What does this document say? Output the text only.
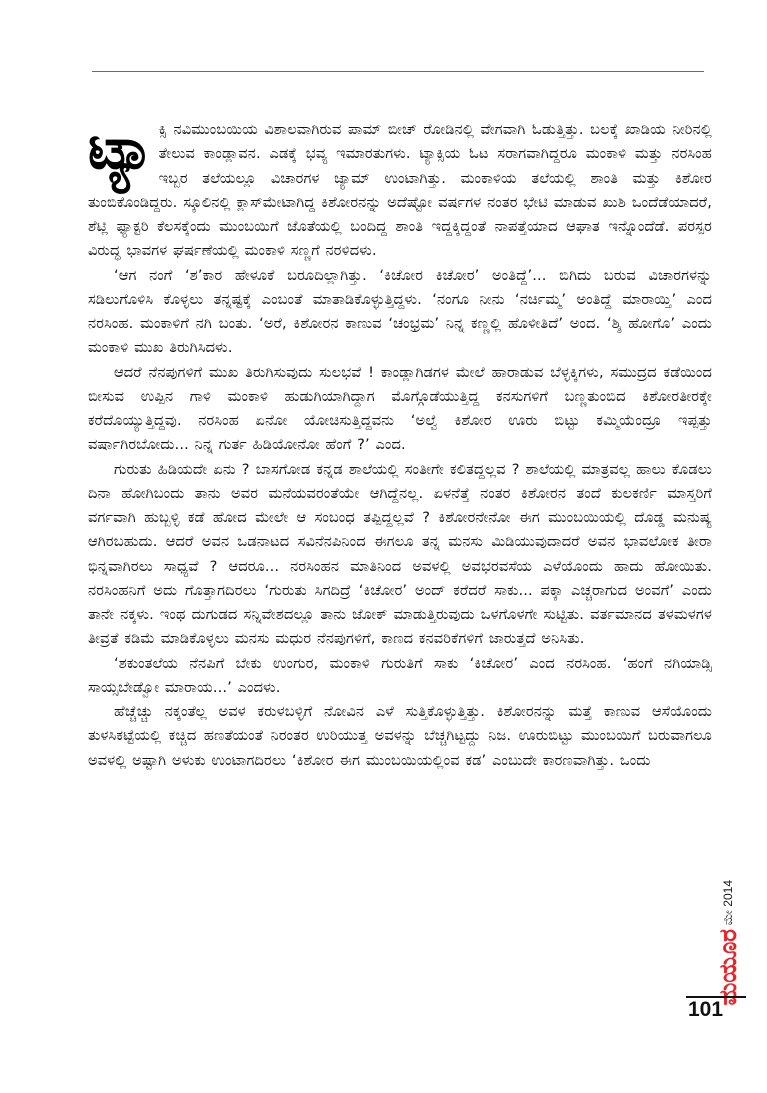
ಟ್ಯಾ ಕ್ಸಿ ನವಿಮುಂಬಯಿಯ ವಿಶಾಲವಾಗಿರುವ ಪಾಮ್ ಬೀಚ್ ರೋಡಿನಲ್ಲಿ ವೇಗವಾಗಿ ಓಡುತ್ತಿತ್ತು. ಬಲಕ್ಕೆ ಖಾಡಿಯ ನೀರಿನಲ್ಲಿ ತೇಲುವ ಕಾಂಡ್ಲಾವನ. ಎಡಕ್ಕೆ ಭವ್ಯ ಇಮಾರತುಗಳು. ಟ್ಯಾಕ್ಸಿಯ ಓಟ ಸರಾಗವಾಗಿದ್ದರೂ ಮಂಕಾಳಿ ಮತ್ತು ನರಸಿಂಹ ಇಬ್ಬರ ತಲೆಯಲ್ಲೂ ವಿಚಾರಗಳ ಜ್ಯಾಮ್ ಉಂಟಾಗಿತ್ತು. ಮಂಕಾಳಿಯ ತಲೆಯಲ್ಲಿ ಶಾಂತಿ ಮತ್ತು ಕಿಶೋರ ತುಂಬಿಕೊಂಡಿದ್ದರು. ಸ್ಕೂಲಿನಲ್ಲಿ ಕ್ಲಾಸ್‌ಮೇಟಾಗಿದ್ದ ಕಿಶೋರನನ್ನು ಅದೆಷ್ಟೋ ವರ್ಷಗಳ ನಂತರ ಭೇಟಿ ಮಾಡುವ ಖುಶಿ ಒಂದೆಡೆಯಾದರೆ, ಶೆಟ್ಲಿ ಫ್ಯಾಕ್ಟರಿ ಕೆಲಸಕ್ಕೆಂದು ಮುಂಬಯಿಗೆ ಜೊತೆಯಲ್ಲಿ ಬಂದಿದ್ದ ಶಾಂತಿ ಇದ್ದಕ್ಕಿದ್ದಂತೆ ನಾಪತ್ತೆಯಾದ ಆಘಾತ ಇನ್ನೊಂದೆಡೆ. ಪರಸ್ಪರ ವಿರುದ್ಧ ಭಾವಗಳ ಘರ್ಷಣೆಯಲ್ಲಿ ಮಂಕಾಳಿ ಸಣ್ಣಗೆ ನರಳಿದಳು.

‘ಆಗ ನಂಗೆ ‘ಶ’ಕಾರ ಹೇಳೂಕೆ ಬರೂದಿಲ್ಲಾಗಿತ್ತು. ‘ಕಿಚೋರ ಕಿಚೋರ’ ಅಂತಿದ್ದೆ’... ಬಿಗಿದು ಬರುವ ವಿಚಾರಗಳನ್ನು ಸಡಿಲುಗೊಳಿಸಿ ಕೊಳ್ಳಲು ತನ್ನಷ್ಟಕ್ಕೆ ಎಂಬಂತೆ ಮಾತಾಡಿಕೊಳ್ಳುತ್ತಿದ್ದಳು. ‘ನಂಗೂ ನೀನು ‘ನರ್ಚಿಮ್ಮ’ ಅಂತಿದ್ದೆ ಮಾರಾಯ್ತಿ’ ಎಂದ ನರಸಿಂಹ. ಮಂಕಾಳಿಗೆ ನಗಿ ಬಂತು. ‘ಅರೆ, ಕಿಶೋರನ ಕಾಣುವ ‘ಚಂಭ್ರಮ’ ನಿನ್ನ ಕಣ್ಣಲ್ಲಿ ಹೊಳೀತಿದೆ’ ಅಂದ. ‘ಶ್ಶಿ ಹೋಗೊ’ ಎಂದು ಮಂಕಾಳಿ ಮುಖ ತಿರುಗಿಸಿದಳು.

ಆದರೆ ನೆನಪುಗಳಿಗೆ ಮುಖ ತಿರುಗಿಸುವುದು ಸುಲಭವೆ ! ಕಾಂಡ್ಲಾಗಿಡಗಳ ಮೇಲೆ ಹಾರಾಡುವ ಬೆಳ್ಳಕ್ಕಿಗಳು, ಸಮುದ್ರದ ಕಡೆಯಿಂದ ಬೀಸುವ ಉಪ್ಪಿನ ಗಾಳಿ ಮಂಕಾಳಿ ಹುಡುಗಿಯಾಗಿದ್ದಾಗ ಮೊಗ್ಗೊಡೆಯುತ್ತಿದ್ದ ಕನಸುಗಳಿಗೆ ಬಣ್ಣತುಂಬಿದ ಕಿಶೋರತೀರಕ್ಕೇ ಕರೆದೊಯ್ಯುತ್ತಿದ್ದವು. ನರಸಿಂಹ ಏನೋ ಯೋಚಿಸುತ್ತಿದ್ದವನು ‘ಅಲ್ವೆ ಕಿಶೋರ ಊರು ಬಿಟ್ಟು ಕಮ್ಮಿಯೆಂದ್ರೂ ಇಪ್ಪತ್ತು ವರ್ಷಾಗಿರಬೋದು... ನಿನ್ನ ಗುರ್ತ ಹಿಡಿಯೋನೋ ಹೆಂಗೆ ?’ ಎಂದ.

ಗುರುತು ಹಿಡಿಯದೇ ಏನು ? ಬಾಸಗೋಡ ಕನ್ನಡ ಶಾಲೆಯಲ್ಲಿ ಸಂತೀಗೇ ಕಲಿತದ್ದಲ್ಲವ ? ಶಾಲೆಯಲ್ಲಿ ಮಾತ್ರವಲ್ಲ ಹಾಲು ಕೊಡಲು ದಿನಾ ಹೋಗಿಬಂದು ತಾನು ಅವರ ಮನೆಯವರಂತೆಯೇ ಆಗಿದ್ದೆನಲ್ಲ. ಏಳನೆತ್ತೆ ನಂತರ ಕಿಶೋರನ ತಂದೆ ಕುಲಕರ್ಣಿ ಮಾಸ್ತರಿಗೆ ವರ್ಗವಾಗಿ ಹುಬ್ಬಳ್ಳಿ ಕಡೆ ಹೋದ ಮೇಲೇ ಆ ಸಂಬಂಧ ತಪ್ಪಿದ್ದಲ್ಲವೆ ? ಕಿಶೋರನೇನೋ ಈಗ ಮುಂಬಯಿಯಲ್ಲಿ ದೊಡ್ಡ ಮನುಷ್ಯ ಆಗಿರಬಹುದು. ಆದರೆ ಅವನ ಒಡನಾಟದ ಸವಿನೆನಪಿನಿಂದ ಈಗಲೂ ತನ್ನ ಮನಸು ಮಿಡಿಯುವುದಾದರೆ ಅವನ ಭಾವಲೋಕ ತೀರಾ ಭಿನ್ನವಾಗಿರಲು ಸಾಧ್ಯವೆ ? ಆದರೂ... ನರಸಿಂಹನ ಮಾತಿನಿಂದ ಅವಳಲ್ಲಿ ಅವಭರವಸೆಯ ಎಳೆಯೊಂದು ಹಾದು ಹೋಯಿತು. ನರಸಿಂಹನಿಗೆ ಅದು ಗೊತ್ತಾಗದಿರಲು ‘ಗುರುತು ಸಿಗದಿದ್ರೆ ‘ಕಿಚೋರ’ ಅಂದ್ ಕರೆದರೆ ಸಾಕು... ಪಕ್ಕಾ ಎಚ್ಚರಾಗುದ ಅಂವಗೆ’ ಎಂದು ತಾನೇ ನಕ್ಕಳು. ಇಂಥ ದುಗುಡದ ಸನ್ನಿವೇಶದಲ್ಲೂ ತಾನು ಜೋಕ್ ಮಾಡುತ್ತಿರುವುದು ಒಳಗೊಳಗೇ ಸುಟ್ಟಿತು. ವರ್ತಮಾನದ ತಳಮಳಗಳ ತೀವ್ರತೆ ಕಡಿಮೆ ಮಾಡಿಕೊಳ್ಳಲು ಮನಸು ಮಧುರ ನೆನಪುಗಳಿಗೆ, ಕಾಣದ ಕನವರಿಕೆಗಳಿಗೆ ಜಾರುತ್ತದೆ ಅನಿಸಿತು.

‘ಶಕುಂತಲೆಯ ನೆನಪಿಗೆ ಬೇಕು ಉಂಗುರ, ಮಂಕಾಳಿ ಗುರುತಿಗೆ ಸಾಕು ‘ಕಿಚೋರ’ ಎಂದ ನರಸಿಂಹ. ‘ಹಂಗೆ ನಗಿಯಾಡ್ಸಿ ಸಾಯ್ಸಬೇಡ್ವೋ ಮಾರಾಯ...’ ಎಂದಳು.

ಹೆಚ್ಚೆಚ್ಚು ನಕ್ಕಂತೆಲ್ಲ ಅವಳ ಕರುಳಬಳ್ಳಿಗೆ ನೋವಿನ ಎಳೆ ಸುತ್ತಿಕೊಳ್ಳುತ್ತಿತ್ತು. ಕಿಶೋರನನ್ನು ಮತ್ತೆ ಕಾಣುವ ಆಸೆಯೊಂದು ತುಳಸಿಕಟ್ಟೆಯಲ್ಲಿ ಕಚ್ಚಿದ ಹಣತೆಯಂತೆ ನಿರಂತರ ಉರಿಯುತ್ತ ಅವಳನ್ನು ಬೆಚ್ಚಗಿಟ್ಟದ್ದು ನಿಜ. ಊರುಬಿಟ್ಟು ಮುಂಬಯಿಗೆ ಬರುವಾಗಲೂ ಅವಳಲ್ಲಿ ಅಷ್ಟಾಗಿ ಅಳುಕು ಉಂಟಾಗದಿರಲು ‘ಕಿಶೋರ ಈಗ ಮುಂಬಯಿಯಲ್ಲಿಂವ ಕಡ’ ಎಂಬುದೇ ಕಾರಣವಾಗಿತ್ತು. ಒಂದು

ಮೇ 2014
ಮಯೂರ
101
